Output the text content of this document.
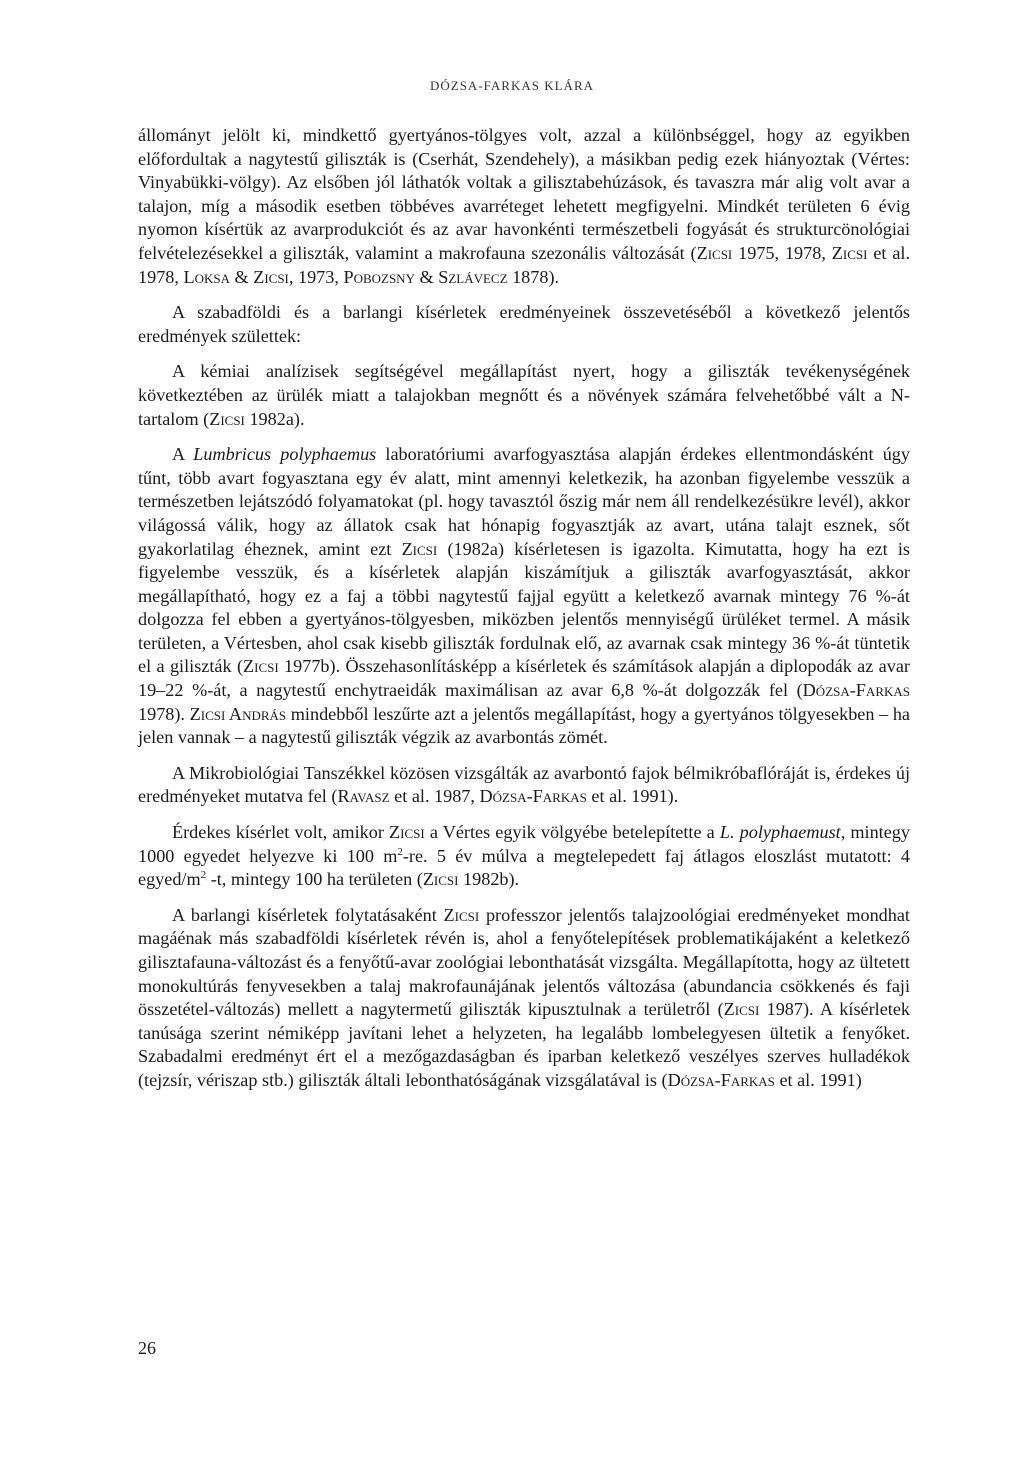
DÓZSA-FARKAS KLÁRA

állományt jelölt ki, mindkettő gyertyános-tölgyes volt, azzal a különbséggel, hogy az egyikben előfordultak a nagytestű giliszták is (Cserhát, Szendehely), a másikban pedig ezek hiányoztak (Vértes: Vinyabükki-völgy). Az elsőben jól láthatók voltak a gilisztabehúzások, és tavaszra már alig volt avar a talajon, míg a második esetben többéves avarréteget lehetett megfigyelni. Mindkét területen 6 évig nyomon kísértük az avarprodukciót és az avar havonkénti természetbeli fogyását és strukturcönológiai felvételezésekkel a giliszták, valamint a makrofauna szezonális változását (Zicsi 1975, 1978, Zicsi et al. 1978, Loksa & Zicsi, 1973, Pobozsny & Szlávecz 1878).

A szabadföldi és a barlangi kísérletek eredményeinek összevetéséből a következő jelentős eredmények születtek:

A kémiai analízisek segítségével megállapítást nyert, hogy a giliszták tevékenységének következtében az ürülék miatt a talajokban megnőtt és a növények számára felvehetőbbé vált a N-tartalom (Zicsi 1982a).

A Lumbricus polyphaemus laboratóriumi avarfogyasztása alapján érdekes ellentmondásként úgy tűnt, több avart fogyasztana egy év alatt, mint amennyi keletkezik, ha azonban figyelembe vesszük a természetben lejátszódó folyamatokat (pl. hogy tavasztól őszig már nem áll rendelkezésükre levél), akkor világossá válik, hogy az állatok csak hat hónapig fogyasztják az avart, utána talajt esznek, sőt gyakorlatilag éheznek, amint ezt Zicsi (1982a) kísérletesen is igazolta. Kimutatta, hogy ha ezt is figyelembe vesszük, és a kísérletek alapján kiszámítjuk a giliszták avarfogyasztását, akkor megállapítható, hogy ez a faj a többi nagytestű fajjal együtt a keletkező avarnak mintegy 76 %-át dolgozza fel ebben a gyertyános-tölgyesben, miközben jelentős mennyiségű ürüléket termel. A másik területen, a Vértesben, ahol csak kisebb giliszták fordulnak elő, az avarnak csak mintegy 36 %-át tüntetik el a giliszták (Zicsi 1977b). Összehasonlításképp a kísérletek és számítások alapján a diplopodák az avar 19–22 %-át, a nagytestű enchytraeidák maximálisan az avar 6,8 %-át dolgozzák fel (Dózsa-Farkas 1978). Zicsi András mindebből leszűrte azt a jelentős megállapítást, hogy a gyertyános tölgyesekben – ha jelen vannak – a nagytestű giliszták végzik az avarbontás zömét.

A Mikrobiológiai Tanszékkel közösen vizsgálták az avarbontó fajok bélmikróbaflóráját is, érdekes új eredményeket mutatva fel (Ravasz et al. 1987, Dózsa-Farkas et al. 1991).

Érdekes kísérlet volt, amikor Zicsi a Vértes egyik völgyébe betelepítette a L. polyphaemust, mintegy 1000 egyedet helyezve ki 100 $m^2-re$. 5 év múlva a megtelepedett faj átlagos eloszlást mutatott: 4 egyed/$m^2$ -t, mintegy 100 ha területen (Zicsi 1982b).

A barlangi kísérletek folytatásaként Zicsi professzor jelentős talajzoológiai eredményeket mondhat magáénak más szabadföldi kísérletek révén is, ahol a fenyőtelepítések problematikájaként a keletkező gilisztafauna-változást és a fenyőtű-avar zoológiai lebonthatását vizsgálta. Megállapította, hogy az ültetett monokultúrás fenyvesekben a talaj makrofaunájának jelentős változása (abundancia csökkenés és faji összetétel-változás) mellett a nagytermetű giliszták kipusztulnak a területről (Zicsi 1987). A kísérletek tanúsága szerint némiképp javítani lehet a helyzeten, ha legalább lombelegyesen ültetik a fenyőket. Szabadalmi eredményt ért el a mezőgazdaságban és iparban keletkező veszélyes szerves hulladékok (tejzsír, vériszap stb.) giliszták általi lebonthatóságának vizsgálatával is (Dózsa-Farkas et al. 1991)

26
